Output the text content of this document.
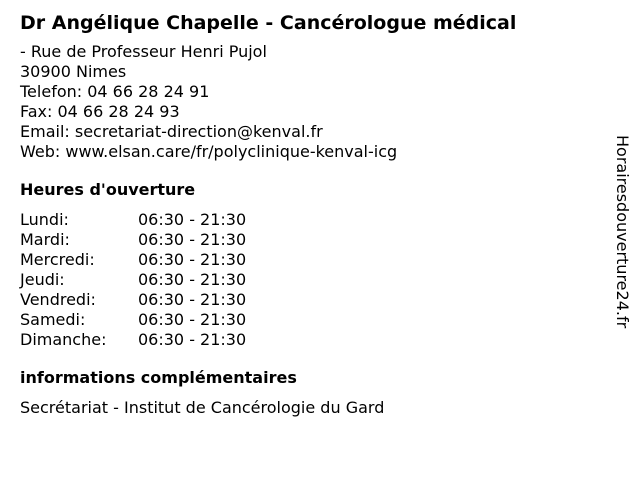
Dr Angélique Chapelle - Cancérologue médical
- Rue de Professeur Henri Pujol
30900 Nimes
Telefon: 04 66 28 24 91
Fax: 04 66 28 24 93
Email: secretariat-direction@kenval.fr
Web: www.elsan.care/fr/polyclinique-kenval-icg
Heures d'ouverture
Lundi:	06:30 - 21:30
Mardi:	06:30 - 21:30
Mercredi:	06:30 - 21:30
Jeudi:	06:30 - 21:30
Vendredi:	06:30 - 21:30
Samedi:	06:30 - 21:30
Dimanche:	06:30 - 21:30
informations complémentaires
Secrétariat - Institut de Cancérologie du Gard
Horairesdouverture24.fr
